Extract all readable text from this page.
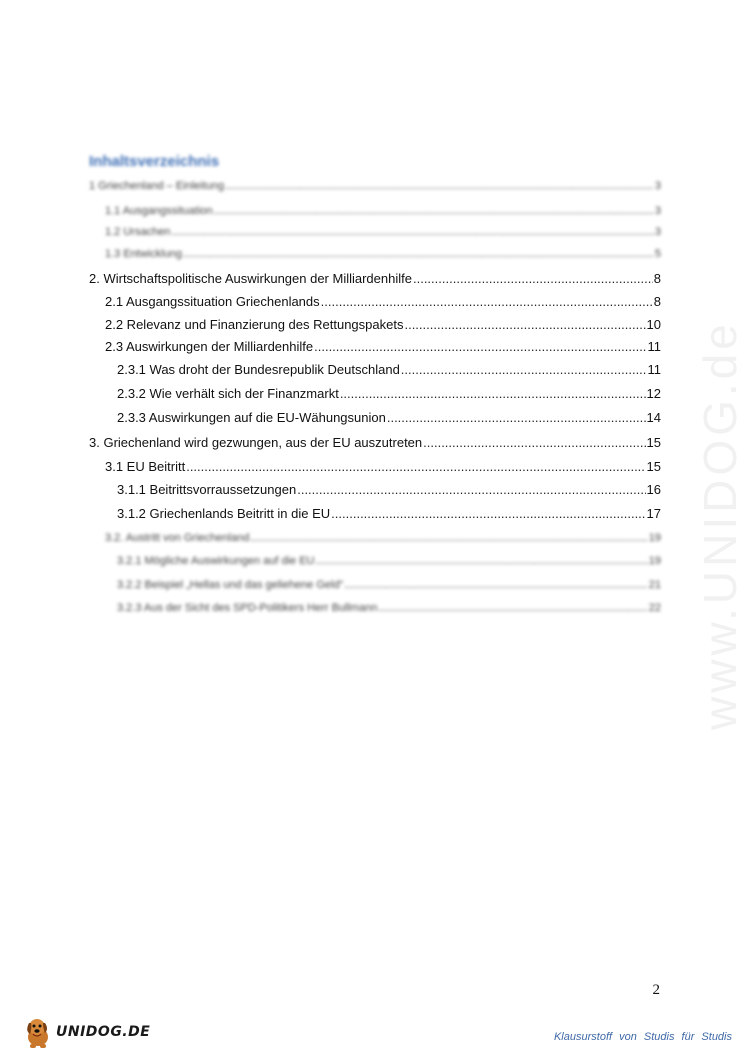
www.UNIDOG.de
Inhaltsverzeichnis
1 Griechenland – Einleitung .....	3
1.1 Ausgangssituation .....	3
1.2 Ursachen .....	3
1.3 Entwicklung .....	5
2. Wirtschaftspolitische Auswirkungen der Milliardenhilfe .....	8
2.1 Ausgangssituation Griechenlands .....	8
2.2 Relevanz und Finanzierung des Rettungspakets .....	10
2.3 Auswirkungen der Milliardenhilfe .....	11
2.3.1 Was droht der Bundesrepublik Deutschland .....	11
2.3.2 Wie verhält sich der Finanzmarkt .....	12
2.3.3 Auswirkungen auf die EU-Wähungsunion .....	14
3. Griechenland wird gezwungen, aus der EU auszutreten .....	15
3.1 EU Beitritt .....	15
3.1.1 Beitrittsvorraussetzungen .....	16
3.1.2 Griechenlands Beitritt in die EU .....	17
3.2. Austritt von Griechenland .....	19
3.2.1 Mögliche Auswirkungen auf die EU .....	19
3.2.2 Beispiel „Hellas und das geliehene Geld“ .....	21
3.2.3 Aus der Sicht des SPD-Politikers Herr Bullmann .....	22
2
UNIDOG.DE	Klausurstoff von Studis für Studis
